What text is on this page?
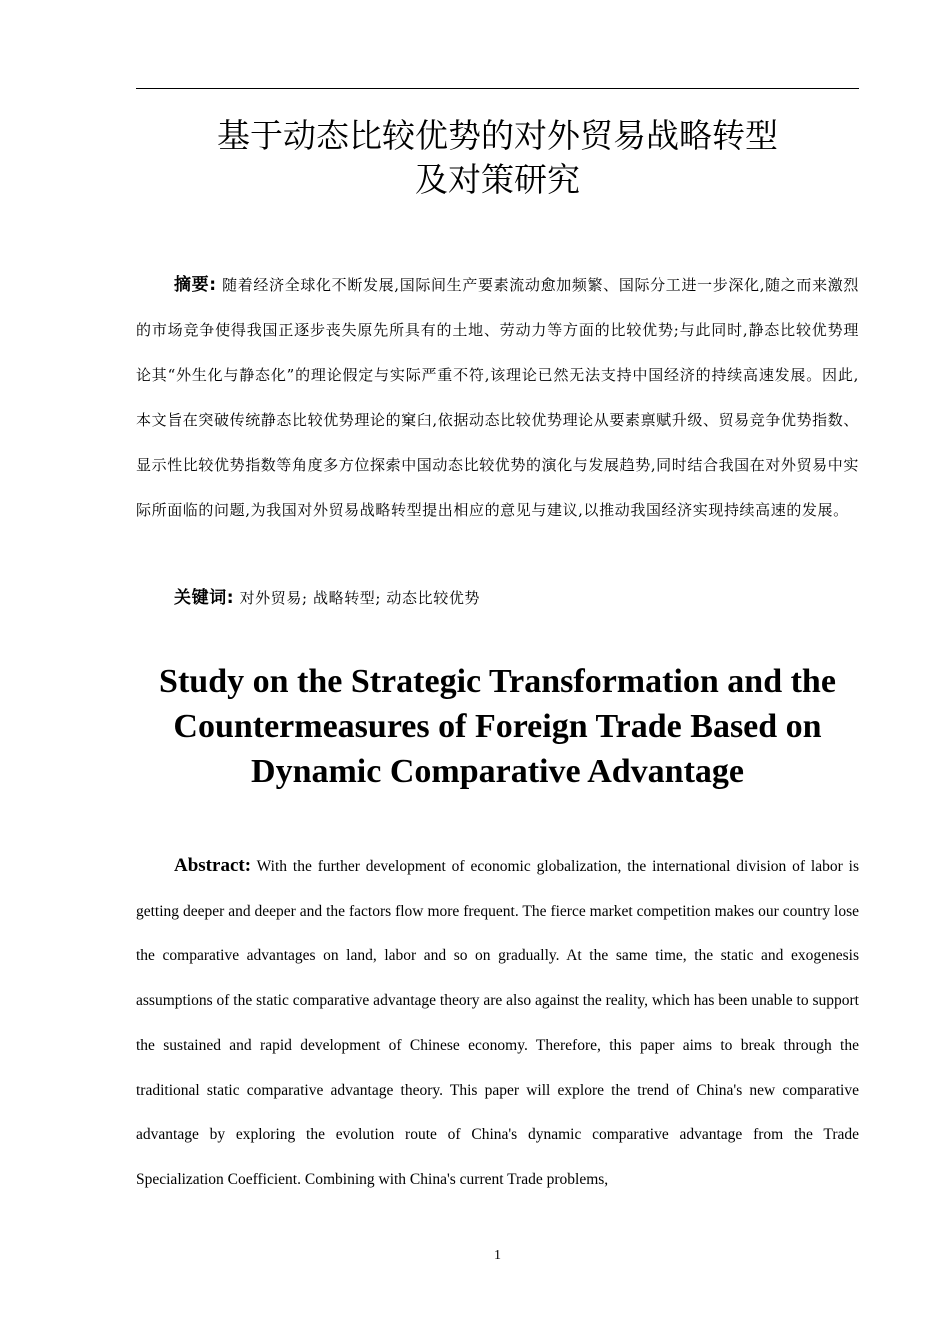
基于动态比较优势的对外贸易战略转型
及对策研究

摘要: 随着经济全球化不断发展,国际间生产要素流动愈加频繁、国际分工进一步深化,随之而来激烈的市场竞争使得我国正逐步丧失原先所具有的土地、劳动力等方面的比较优势;与此同时,静态比较优势理论其“外生化与静态化”的理论假定与实际严重不符,该理论已然无法支持中国经济的持续高速发展。因此,本文旨在突破传统静态比较优势理论的窠臼,依据动态比较优势理论从要素禀赋升级、贸易竞争优势指数、显示性比较优势指数等角度多方位探索中国动态比较优势的演化与发展趋势,同时结合我国在对外贸易中实际所面临的问题,为我国对外贸易战略转型提出相应的意见与建议,以推动我国经济实现持续高速的发展。

关键词: 对外贸易; 战略转型; 动态比较优势

Study on the Strategic Transformation and the Countermeasures of Foreign Trade Based on Dynamic Comparative Advantage

Abstract: With the further development of economic globalization, the international division of labor is getting deeper and deeper and the factors flow more frequent. The fierce market competition makes our country lose the comparative advantages on land, labor and so on gradually. At the same time, the static and exogenesis assumptions of the static comparative advantage theory are also against the reality, which has been unable to support the sustained and rapid development of Chinese economy. Therefore, this paper aims to break through the traditional static comparative advantage theory. This paper will explore the trend of China's new comparative advantage by exploring the evolution route of China's dynamic comparative advantage from the Trade Specialization Coefficient. Combining with China's current Trade problems,

1
